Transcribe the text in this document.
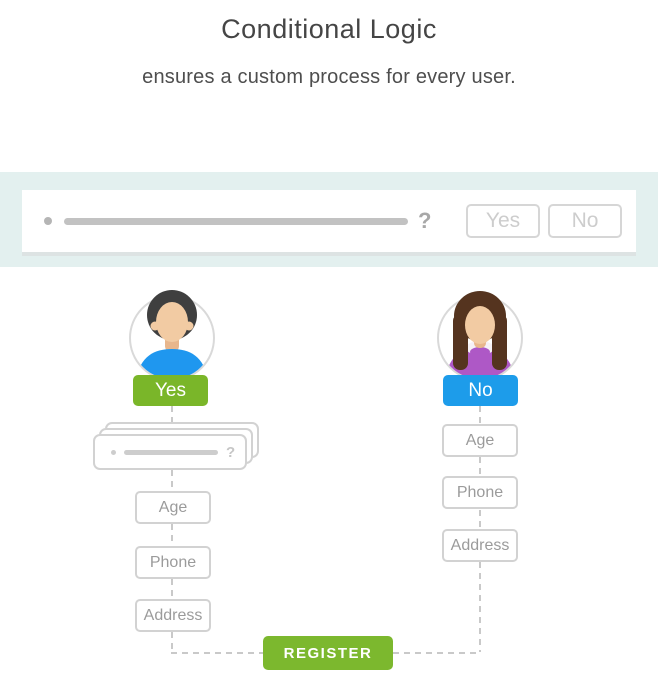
Conditional Logic
ensures a custom process for every user.
?	Yes	No
Yes	No
?
Age
Phone
Address
Age
Phone
Address
REGISTER
